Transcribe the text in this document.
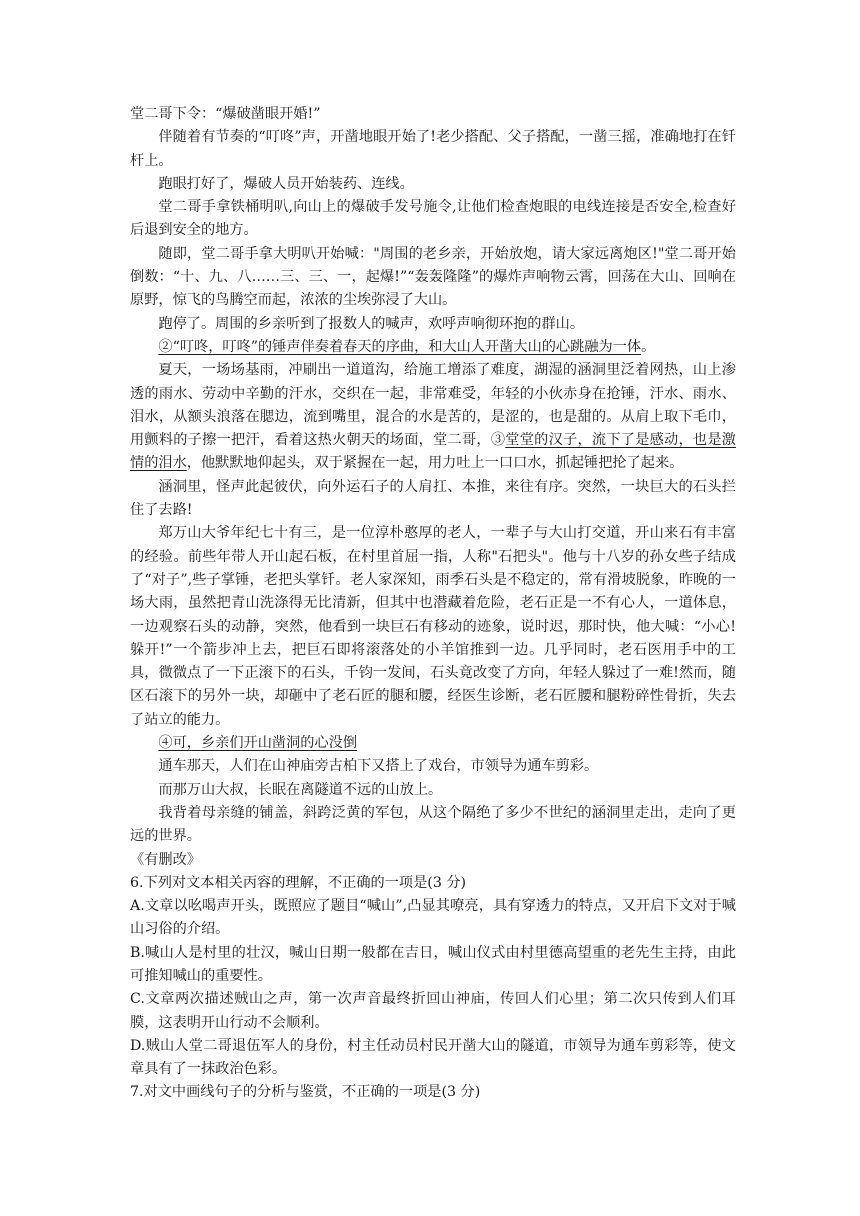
堂二哥下令：“爆破凿眼开婚!”

伴随着有节奏的“叮咚”声，开凿地眼开始了!老少搭配、父子搭配，一凿三摇，准确地打在钎杆上。

跑眼打好了，爆破人员开始装药、连线。

堂二哥手拿铁桶明叭,向山上的爆破手发号施令,让他们检查炮眼的电线连接是否安全,检查好后退到安全的地方。

随即，堂二哥手拿大明叭开始喊："周围的老乡亲，开始放炮，请大家远离炮区!"堂二哥开始倒数：“十、九、八……三、三、一，起爆!”“轰轰隆隆”的爆炸声响物云霄，回荡在大山、回响在原野，惊飞的鸟腾空而起，浓浓的尘埃弥浸了大山。

跑停了。周围的乡亲听到了报数人的喊声，欢呼声响彻环抱的群山。

②“叮咚，叮咚”的锤声伴奏着春天的序曲，和大山人开凿大山的心跳融为一体。

夏天，一场场基雨，冲刷出一道道沟，给施工增添了难度，湖湿的涵洞里泛着网热，山上渗透的雨水、劳动中辛勤的汗水，交织在一起，非常难受，年轻的小伙赤身在抢锤，汗水、雨水、泪水，从额头浪落在腮边，流到嘴里，混合的水是苦的，是涩的，也是甜的。从肩上取下毛巾，用颤料的子擦一把汗，看着这热火朝天的场面，堂二哥，③堂堂的汉子，流下了是感动，也是激情的泪水，他默默地仰起头，双于紧握在一起，用力吐上一口口水，抓起锤把抡了起来。

涵洞里，怪声此起彼伏，向外运石子的人肩扛、本推，来往有序。突然，一块巨大的石头拦住了去路!

郑万山大爷年纪七十有三，是一位淳朴憨厚的老人，一辈子与大山打交道，开山来石有丰富的经验。前些年带人开山起石板，在村里首屈一指，人称"石把头"。他与十八岁的孙女些子结成了“对子”,些子掌锤，老把头掌钎。老人家深知，雨季石头是不稳定的，常有滑坡脱象，昨晚的一场大雨，虽然把青山洗涤得无比清新，但其中也潜藏着危险，老石正是一不有心人，一道体息，一边观察石头的动静，突然，他看到一块巨石有移动的迹象，说时迟，那时快，他大喊：“小心!躲开!”一个箭步冲上去，把巨石即将滚落处的小羊馆推到一边。几乎同时，老石医用手中的工具，微微点了一下正滚下的石头，千钧一发间，石头竟改变了方向，年轻人躲过了一难!然而，随区石滚下的另外一块，却砸中了老石匠的腿和腰，经医生诊断，老石匠腰和腿粉碎性骨折，失去了站立的能力。

④可，乡亲们开山凿洞的心没倒

通车那天，人们在山神庙旁古柏下又搭上了戏台，市领导为通车剪彩。

而那万山大叔，长眠在离隧道不远的山放上。

我背着母亲缝的铺盖，斜跨泛黄的军包，从这个隔绝了多少不世纪的涵洞里走出，走向了更远的世界。

《有删改》

6.下列对文本相关丙容的理解，不正确的一项是(3 分)

A.文章以吆喝声开头，既照应了题目“喊山”,凸显其嘹亮，具有穿透力的特点，又开启下文对于喊山习俗的介绍。

B.喊山人是村里的壮汉，喊山日期一般都在吉日，喊山仪式由村里德高望重的老先生主持，由此可推知喊山的重要性。

C.文章两次描述贼山之声，第一次声音最终折回山神庙，传回人们心里；第二次只传到人们耳膜，这表明开山行动不会顺利。

D.贼山人堂二哥退伍军人的身份，村主任动员村民开凿大山的隧道，市领导为通车剪彩等，使文章具有了一抹政治色彩。

7.对文中画线句子的分析与鉴赏，不正确的一项是(3 分)
